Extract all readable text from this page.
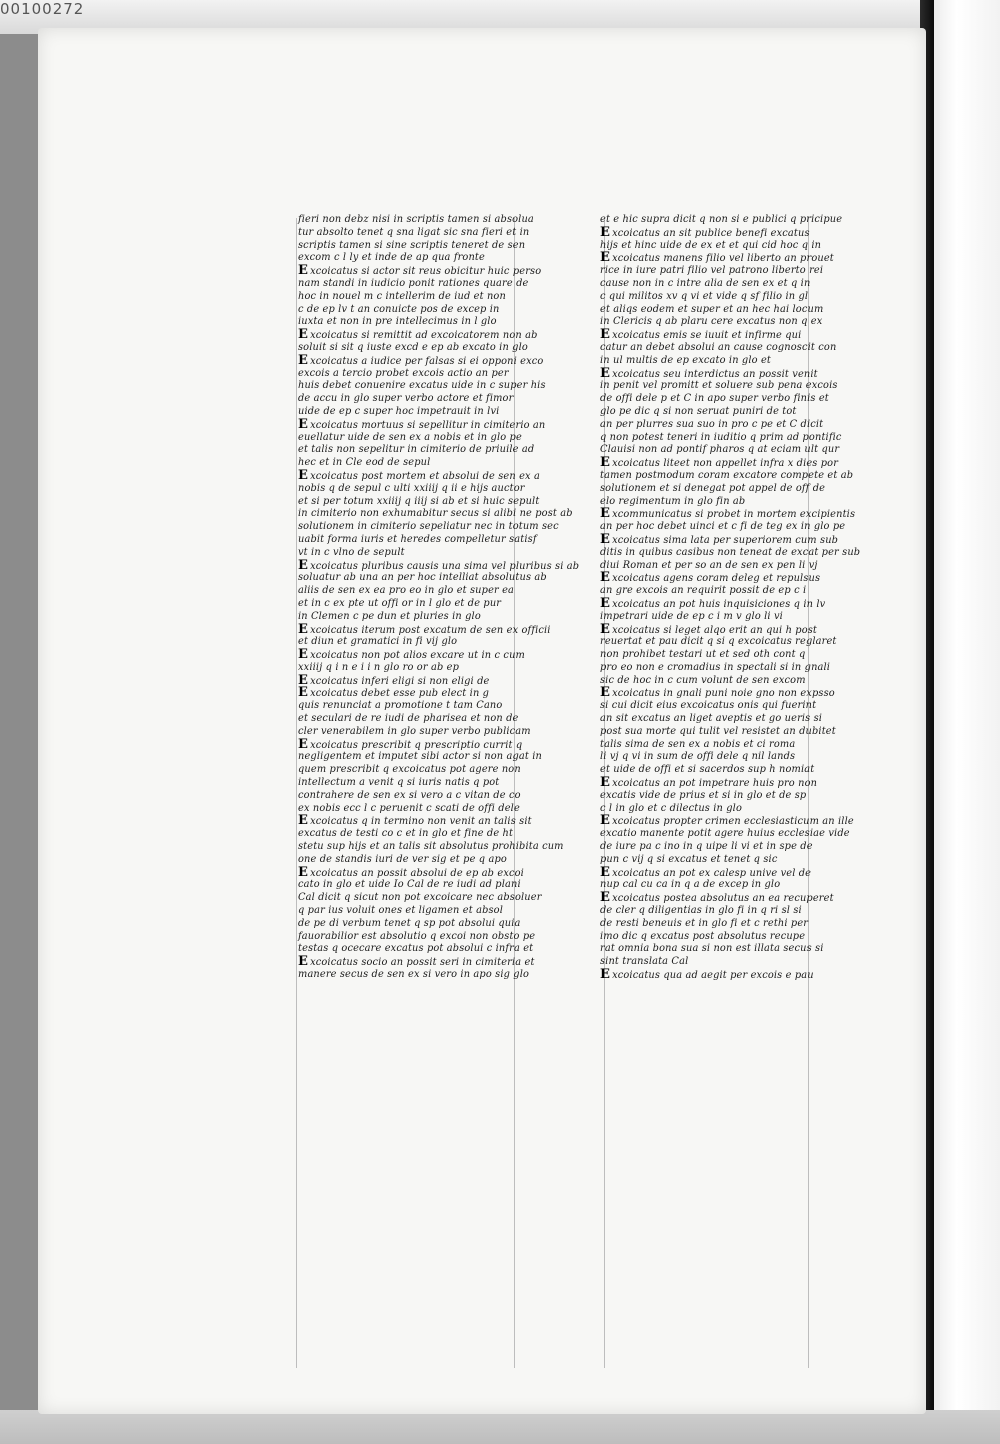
00100272
fieri non debz nisi in scriptis tamen si absolua
tur absolto tenet q sna ligat sic sna fieri et in
scriptis tamen si sine scriptis teneret de sen
excom c l ly et inde de ap qua fronte
E xcoicatus si actor sit reus obicitur huic perso
nam standi in iudicio ponit rationes quare de
hoc in nouel m c intellerim de iud et non
c de ep lv t an conuicte pos de excep in
iuxta et non in pre intellecimus in l glo
E xcoicatus si remittit ad excoicatorem non ab
soluit si sit q iuste excd e ep ab excato in glo
E xcoicatus a iudice per falsas si ei opponi exco
excois a tercio probet excois actio an per
huis debet conuenire excatus uide in c super his
de accu in glo super verbo actore et fimor
uide de ep c super hoc impetrauit in lvi
E xcoicatus mortuus si sepellitur in cimiterio an
euellatur uide de sen ex a nobis et in glo pe
et talis non sepelitur in cimiterio de priuile ad
hec et in Cle eod de sepul
E xcoicatus post mortem et absolui de sen ex a
nobis q de sepul c ulti xxiiij q ii e hijs auctor
et si per totum xxiiij q iiij si ab et si huic sepult
in cimiterio non exhumabitur secus si alibi ne post ab
solutionem in cimiterio sepeliatur nec in totum sec
uabit forma iuris et heredes compelletur satisf
vt in c vlno de sepult
E xcoicatus pluribus causis una sima vel pluribus si ab
soluatur ab una an per hoc intelliat absolutus ab
aliis de sen ex ea pro eo in glo et super ea
et in c ex pte ut offi or in l glo et de pur
in Clemen c pe dun et pluries in glo
E xcoicatus iterum post excatum de sen ex officii
et diun et gramatici in fi vij glo
E xcoicatus non pot alios excare ut in c cum
xxiiij q i n e i i n glo ro or ab ep
E xcoicatus inferi eligi si non eligi de
E xcoicatus debet esse pub elect in g
quis renunciat a promotione t tam Cano
et seculari de re iudi de pharisea et non de
cler venerabilem in glo super verbo publicam
E xcoicatus prescribit q prescriptio currit q
negligentem et imputet sibi actor si non agat in
quem prescribit q excoicatus pot agere non
intellectum a venit q si iuris natis q pot
contrahere de sen ex si vero a c vitan de co
ex nobis ecc l c peruenit c scati de offi dele
E xcoicatus q in termino non venit an talis sit
excatus de testi co c et in glo et fine de ht
stetu sup hijs et an talis sit absolutus prohibita cum
one de standis iuri de ver sig et pe q apo
E xcoicatus an possit absolui de ep ab excoi
cato in glo et uide Io Cal de re iudi ad plani
Cal dicit q sicut non pot excoicare nec absoluer
q par ius voluit ones et ligamen et absol
de pe di verbum tenet q sp pot absolui quia
fauorabilior est absolutio q excoi non obsto pe
testas q ocecare excatus pot absolui c infra et
E xcoicatus socio an possit seri in cimiteria et
manere secus de sen ex si vero in apo sig glo
et e hic supra dicit q non si e publici q pricipue
E xcoicatus an sit publice benefi excatus
hijs et hinc uide de ex et et qui cid hoc q in
E xcoicatus manens filio vel liberto an prouet
rice in iure patri filio vel patrono liberto rei
cause non in c intre alia de sen ex et q in
c qui militos xv q vi et vide q sf filio in gl
et aliqs eodem et super et an hec hai locum
in Clericis q ab plaru cere excatus non q ex
E xcoicatus emis se iuuit et infirme qui
catur an debet absolui an cause cognoscit con
in ul multis de ep excato in glo et
E xcoicatus seu interdictus an possit venit
in penit vel promitt et soluere sub pena excois
de offi dele p et C in apo super verbo finis et
glo pe dic q si non seruat puniri de tot
an per plurres sua suo in pro c pe et C dicit
q non potest teneri in iuditio q prim ad pontific
Clauisi non ad pontif pharos q at eciam ult qur
E xcoicatus liteet non appellet infra x dies por
tamen postmodum coram excatore compete et ab
solutionem et si denegat pot appel de off de
elo regimentum in glo fin ab
E xcommunicatus si probet in mortem excipientis
an per hoc debet uinci et c fi de teg ex in glo pe
E xcoicatus sima lata per superiorem cum sub
ditis in quibus casibus non teneat de excat per sub
diui Roman et per so an de sen ex pen li vj
E xcoicatus agens coram deleg et repulsus
an gre excois an requirit possit de ep c i
E xcoicatus an pot huis inquisiciones q in lv
impetrari uide de ep c i m v glo li vi
E xcoicatus si leget alqo erit an qui h post
reuertat et pau dicit q si q excoicatus reglaret
non prohibet testari ut et sed oth cont q
pro eo non e cromadius in spectali si in gnali
sic de hoc in c cum volunt de sen excom
E xcoicatus in gnali puni noie gno non expsso
si cui dicit eius excoicatus onis qui fuerint
an sit excatus an liget aveptis et go ueris si
post sua morte qui tulit vel resistet an dubitet
talis sima de sen ex a nobis et ci roma
li vj q vi in sum de offi dele q nil lands
et uide de offi et si sacerdos sup h nomiat
E xcoicatus an pot impetrare huis pro non
excatis vide de prius et si in glo et de sp
c l in glo et c dilectus in glo
E xcoicatus propter crimen ecclesiasticum an ille
excatio manente potit agere huius ecclesiae vide
de iure pa c ino in q uipe li vi et in spe de
pun c vij q si excatus et tenet q sic
E xcoicatus an pot ex calesp unive vel de
nup cal cu ca in q a de excep in glo
E xcoicatus postea absolutus an ea recuperet
de cler q diligentias in glo fi in q ri sl si
de resti beneuis et in glo fi et c rethi per
imo dic q excatus post absolutus recupe
rat omnia bona sua si non est illata secus si
sint translata Cal
E xcoicatus qua ad aegit per excois e pau
